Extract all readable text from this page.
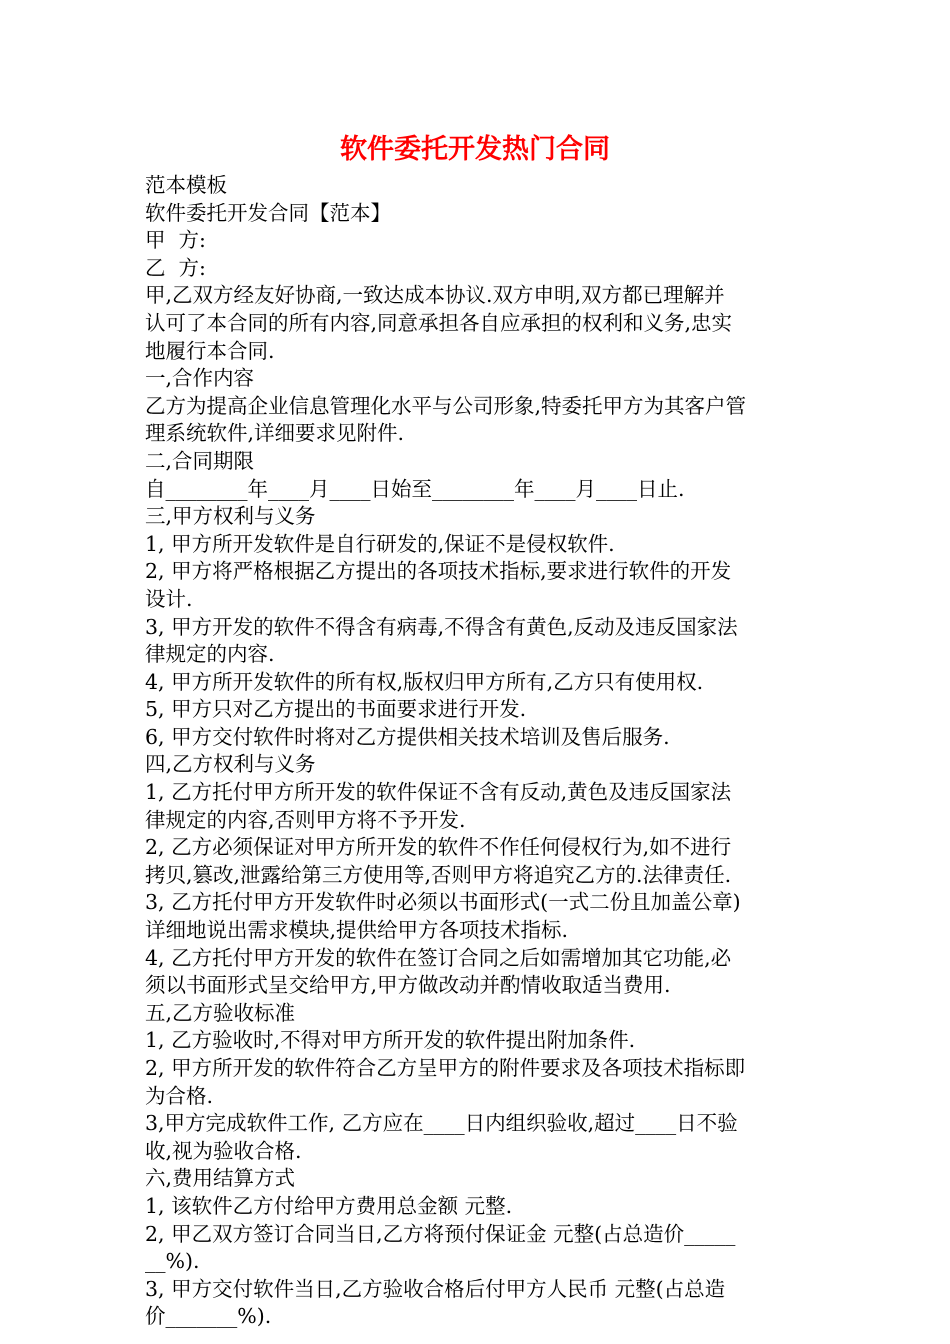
软件委托开发热门合同
范本模板
软件委托开发合同【范本】
甲  方:
乙  方:
甲,乙双方经友好协商,一致达成本协议.双方申明,双方都已理解并
认可了本合同的所有内容,同意承担各自应承担的权利和义务,忠实
地履行本合同.
一,合作内容
乙方为提高企业信息管理化水平与公司形象,特委托甲方为其客户管
理系统软件,详细要求见附件.
二,合同期限
自________年____月____日始至________年____月____日止.
三,甲方权利与义务
1, 甲方所开发软件是自行研发的,保证不是侵权软件.
2, 甲方将严格根据乙方提出的各项技术指标,要求进行软件的开发
设计.
3, 甲方开发的软件不得含有病毒,不得含有黄色,反动及违反国家法
律规定的内容.
4, 甲方所开发软件的所有权,版权归甲方所有,乙方只有使用权.
5, 甲方只对乙方提出的书面要求进行开发.
6, 甲方交付软件时将对乙方提供相关技术培训及售后服务.
四,乙方权利与义务
1, 乙方托付甲方所开发的软件保证不含有反动,黄色及违反国家法
律规定的内容,否则甲方将不予开发.
2, 乙方必须保证对甲方所开发的软件不作任何侵权行为,如不进行
拷贝,篡改,泄露给第三方使用等,否则甲方将追究乙方的.法律责任.
3, 乙方托付甲方开发软件时必须以书面形式(一式二份且加盖公章)
详细地说出需求模块,提供给甲方各项技术指标.
4, 乙方托付甲方开发的软件在签订合同之后如需增加其它功能,必
须以书面形式呈交给甲方,甲方做改动并酌情收取适当费用.
五,乙方验收标准
1, 乙方验收时,不得对甲方所开发的软件提出附加条件.
2, 甲方所开发的软件符合乙方呈甲方的附件要求及各项技术指标即
为合格.
3,甲方完成软件工作, 乙方应在____日内组织验收,超过____日不验
收,视为验收合格.
六,费用结算方式
1, 该软件乙方付给甲方费用总金额 元整.
2, 甲乙双方签订合同当日,乙方将预付保证金 元整(占总造价_____
__%).
3, 甲方交付软件当日,乙方验收合格后付甲方人民币 元整(占总造
价_______%).
